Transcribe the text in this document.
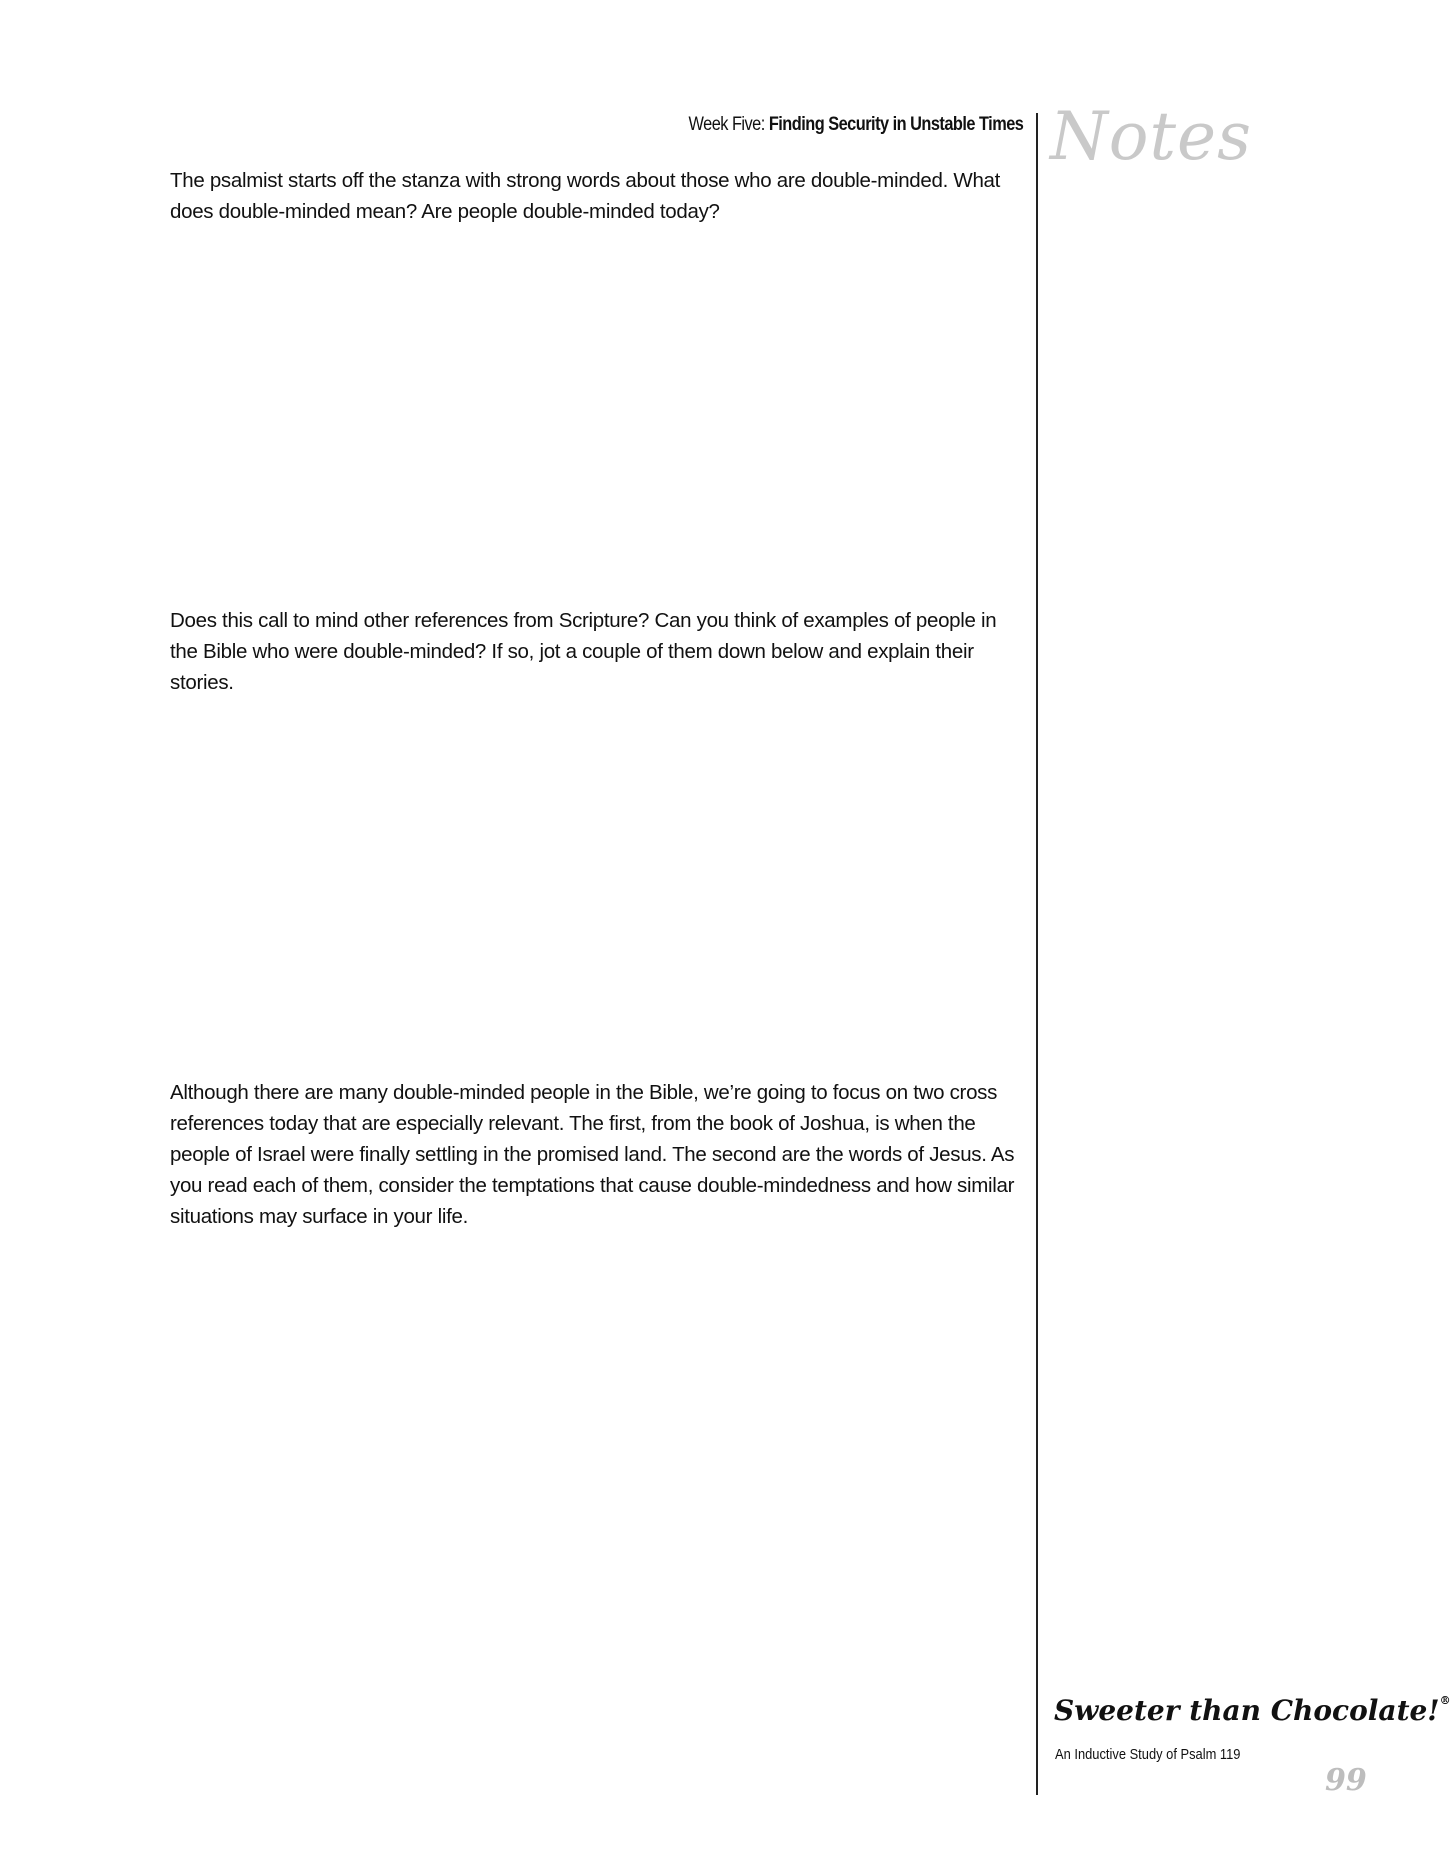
Week Five: Finding Security in Unstable Times

The psalmist starts off the stanza with strong words about those who are double-minded. What does double-minded mean? Are people double-minded today?

Does this call to mind other references from Scripture? Can you think of examples of people in the Bible who were double-minded? If so, jot a couple of them down below and explain their stories.

Although there are many double-minded people in the Bible, we’re going to focus on two cross references today that are especially relevant. The first, from the book of Joshua, is when the people of Israel were finally settling in the promised land. The second are the words of Jesus. As you read each of them, consider the temptations that cause double-mindedness and how similar situations may surface in your life.

Notes
Sweeter than Chocolate!®
An Inductive Study of Psalm 119
99
